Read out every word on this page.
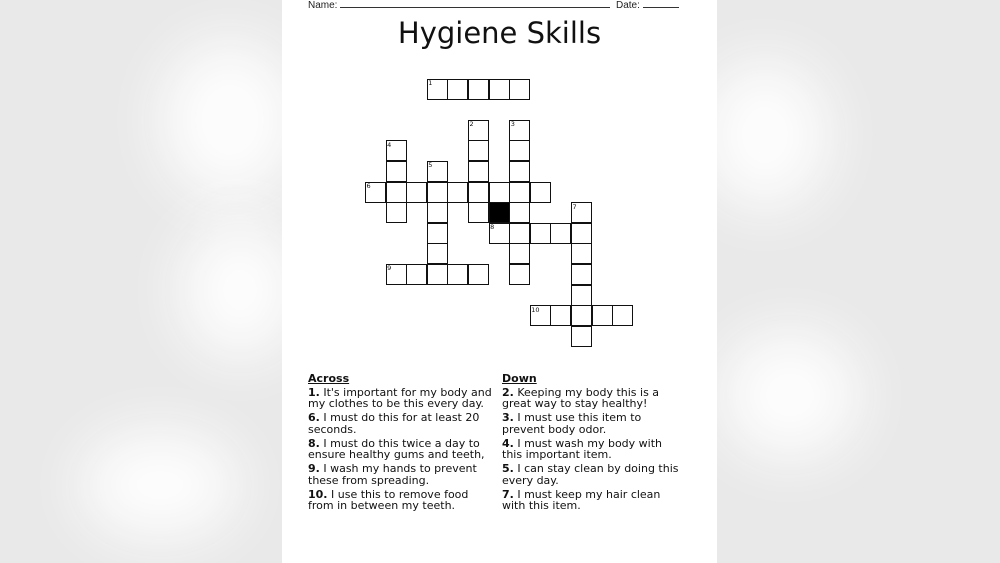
Name:	Date:
Hygiene Skills
1
2	3
4
5
6
7
8
9
10
Across
1. It's important for my body and my clothes to be this every day.
6. I must do this for at least 20 seconds.
8. I must do this twice a day to ensure healthy gums and teeth,
9. I wash my hands to prevent these from spreading.
10. I use this to remove food from in between my teeth.
Down
2. Keeping my body this is a great way to stay healthy!
3. I must use this item to prevent body odor.
4. I must wash my body with this important item.
5. I can stay clean by doing this every day.
7. I must keep my hair clean with this item.
